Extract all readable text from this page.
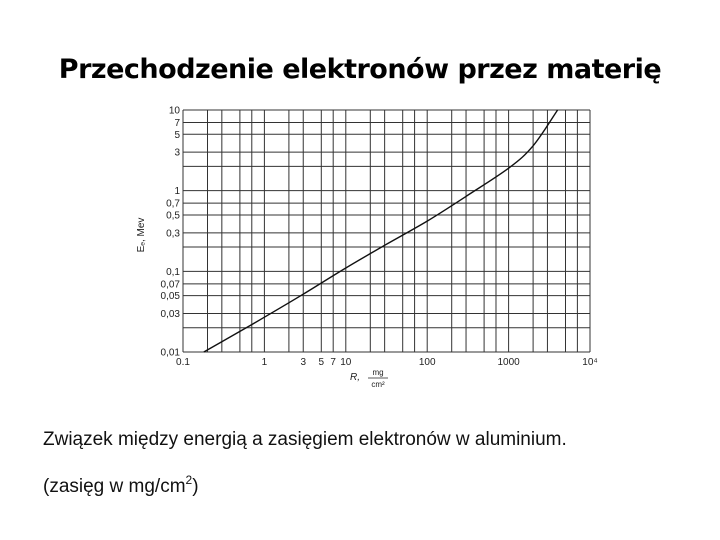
Przechodzenie elektronów przez materię
0.1	1	3 5 7 10	100	1000	10⁴
10
7
5
3
1
0,7
0,5
0,3
0,1
0,07
0,05
0,03
0,01
Eₑ, Mev
R, mg
cm²
Związek między energią a zasięgiem elektronów w aluminium.
(zasięg w $mg/cm^2$)
